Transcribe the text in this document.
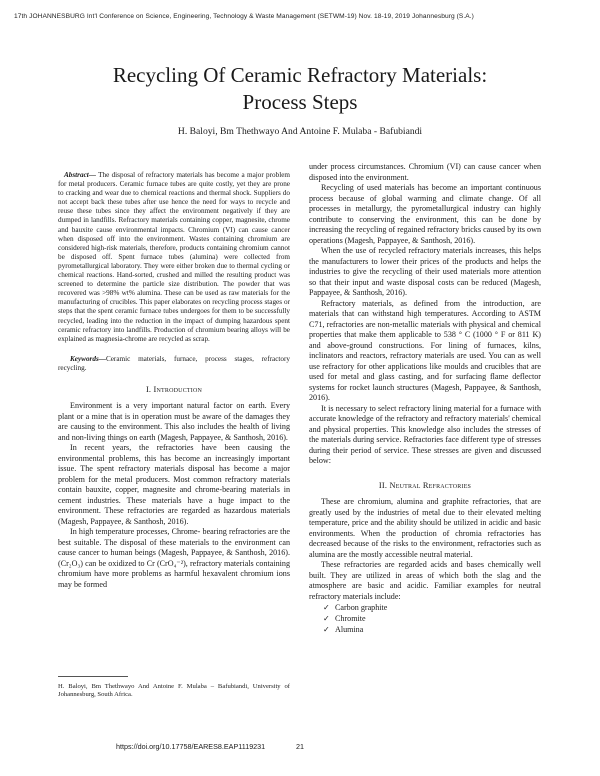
17th JOHANNESBURG Int'l Conference on Science, Engineering, Technology & Waste Management (SETWM-19) Nov. 18-19, 2019 Johannesburg (S.A.)
Recycling Of Ceramic Refractory Materials:
Process Steps
H. Baloyi, Bm Thethwayo And Antoine F. Mulaba - Bafubiandi

Abstract— The disposal of refractory materials has become a major problem for metal producers. Ceramic furnace tubes are quite costly, yet they are prone to cracking and wear due to chemical reactions and thermal shock. Suppliers do not accept back these tubes after use hence the need for ways to recycle and reuse these tubes since they affect the environment negatively if they are dumped in landfills. Refractory materials containing copper, magnesite, chrome and bauxite cause environmental impacts. Chromium (VI) can cause cancer when disposed off into the environment. Wastes containing chromium are considered high-risk materials, therefore, products containing chromium cannot be disposed off. Spent furnace tubes (alumina) were collected from pyrometallurgical laboratory. They were either broken due to thermal cycling or chemical reactions. Hand-sorted, crushed and milled the resulting product was screened to determine the particle size distribution. The powder that was recovered was >98% wt% alumina. These can be used as raw materials for the manufacturing of crucibles. This paper elaborates on recycling process stages or steps that the spent ceramic furnace tubes undergoes for them to be successfully recycled, leading into the reduction in the impact of dumping hazardous spent ceramic refractory into landfills. Production of chromium bearing alloys will be explained as magnesia-chrome are recycled as scrap.

Keywords—Ceramic materials, furnace, process stages, refractory recycling.

I. Introduction

Environment is a very important natural factor on earth. Every plant or a mine that is in operation must be aware of the damages they are causing to the environment. This also includes the health of living and non-living things on earth (Magesh, Pappayee, & Santhosh, 2016).

In recent years, the refractories have been causing the environmental problems, this has become an increasingly important issue. The spent refractory materials disposal has become a major problem for the metal producers. Most common refractory materials contain bauxite, copper, magnesite and chrome-bearing materials in cement industries. These materials have a huge impact to the environment. These refractories are regarded as hazardous materials (Magesh, Pappayee, & Santhosh, 2016).

In high temperature processes, Chrome- bearing refractories are the best suitable. The disposal of these materials to the environment can cause cancer to human beings (Magesh, Pappayee, & Santhosh, 2016). (Cr₂O₃) can be oxidized to Cr (CrO₄⁻²), refractory materials containing chromium have more problems as harmful hexavalent chromium ions may be formed

under process circumstances. Chromium (VI) can cause cancer when disposed into the environment.

Recycling of used materials has become an important continuous process because of global warming and climate change. Of all processes in metallurgy, the pyrometallurgical industry can highly contribute to conserving the environment, this can be done by increasing the recycling of regained refractory bricks caused by its own operations (Magesh, Pappayee, & Santhosh, 2016).

When the use of recycled refractory materials increases, this helps the manufacturers to lower their prices of the products and helps the industries to give the recycling of their used materials more attention so that their input and waste disposal costs can be reduced (Magesh, Pappayee, & Santhosh, 2016).

Refractory materials, as defined from the introduction, are materials that can withstand high temperatures. According to ASTM C71, refractories are non-metallic materials with physical and chemical properties that make them applicable to 538 ° C (1000 ° F or 811 K) and above-ground constructions. For lining of furnaces, kilns, inclinators and reactors, refractory materials are used. You can as well use refractory for other applications like moulds and crucibles that are used for metal and glass casting, and for surfacing flame deflector systems for rocket launch structures (Magesh, Pappayee, & Santhosh, 2016).

It is necessary to select refractory lining material for a furnace with accurate knowledge of the refractory and refractory materials' chemical and physical properties. This knowledge also includes the stresses of the materials during service. Refractories face different type of stresses during their period of service. These stresses are given and discussed below:

II. Neutral Refractories

These are chromium, alumina and graphite refractories, that are greatly used by the industries of metal due to their elevated melting temperature, price and the ability should be utilized in acidic and basic environments. When the production of chromia refractories has decreased because of the risks to the environment, refractories such as alumina are the mostly accessible neutral material.

These refractories are regarded acids and bases chemically well built. They are utilized in areas of which both the slag and the atmosphere are basic and acidic. Familiar examples for neutral refractory materials include:

✓ Carbon graphite
✓ Chromite
✓ Alumina
H. Baloyi, Bm Thethwayo And Antoine F. Mulaba – Bafubiandi, University of Johannesburg, South Africa.
https://doi.org/10.17758/EARES8.EAP1119231	21
